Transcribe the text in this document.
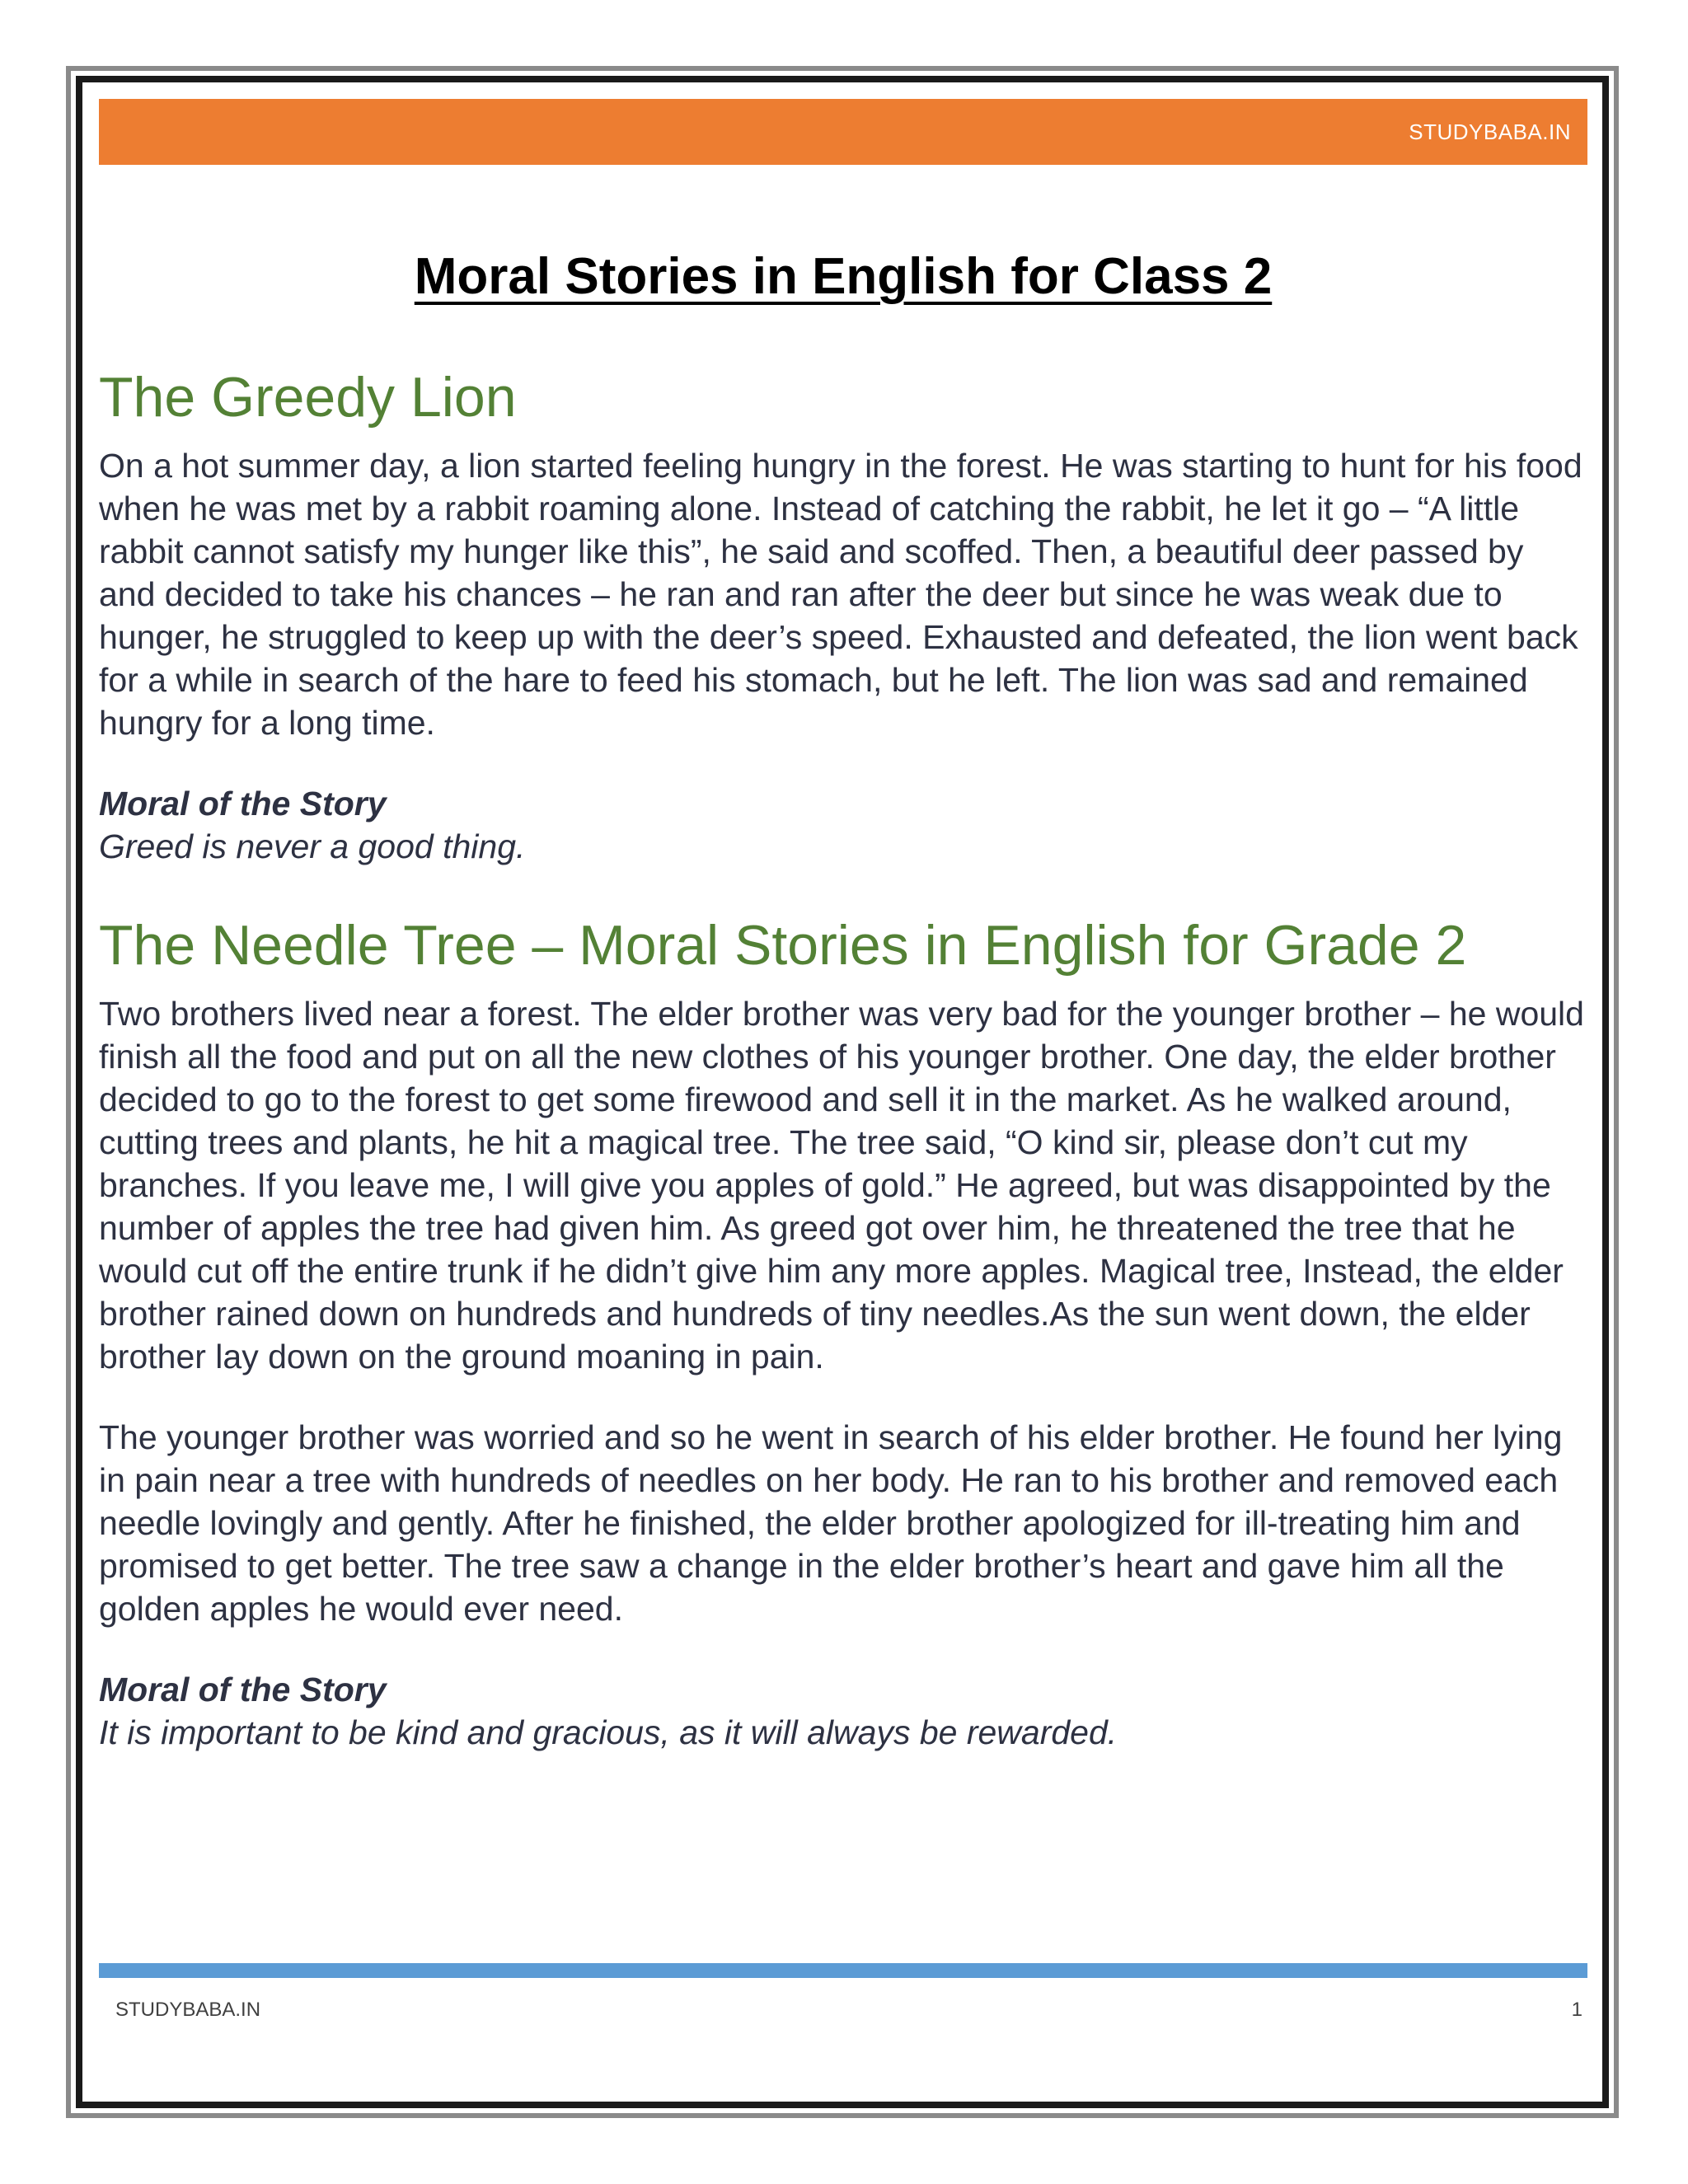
STUDYBABA.IN
Moral Stories in English for Class 2
The Greedy Lion

On a hot summer day, a lion started feeling hungry in the forest. He was starting to hunt for his food when he was met by a rabbit roaming alone. Instead of catching the rabbit, he let it go – “A little rabbit cannot satisfy my hunger like this”, he said and scoffed. Then, a beautiful deer passed by and decided to take his chances – he ran and ran after the deer but since he was weak due to hunger, he struggled to keep up with the deer’s speed. Exhausted and defeated, the lion went back for a while in search of the hare to feed his stomach, but he left. The lion was sad and remained hungry for a long time.

Moral of the Story

Greed is never a good thing.

The Needle Tree – Moral Stories in English for Grade 2

Two brothers lived near a forest. The elder brother was very bad for the younger brother – he would finish all the food and put on all the new clothes of his younger brother. One day, the elder brother decided to go to the forest to get some firewood and sell it in the market. As he walked around, cutting trees and plants, he hit a magical tree. The tree said, “O kind sir, please don’t cut my branches. If you leave me, I will give you apples of gold.” He agreed, but was disappointed by the number of apples the tree had given him. As greed got over him, he threatened the tree that he would cut off the entire trunk if he didn’t give him any more apples. Magical tree, Instead, the elder brother rained down on hundreds and hundreds of tiny needles.As the sun went down, the elder brother lay down on the ground moaning in pain.

The younger brother was worried and so he went in search of his elder brother. He found her lying in pain near a tree with hundreds of needles on her body. He ran to his brother and removed each needle lovingly and gently. After he finished, the elder brother apologized for ill-treating him and promised to get better. The tree saw a change in the elder brother’s heart and gave him all the golden apples he would ever need.

Moral of the Story

It is important to be kind and gracious, as it will always be rewarded.

STUDYBABA.IN	1
